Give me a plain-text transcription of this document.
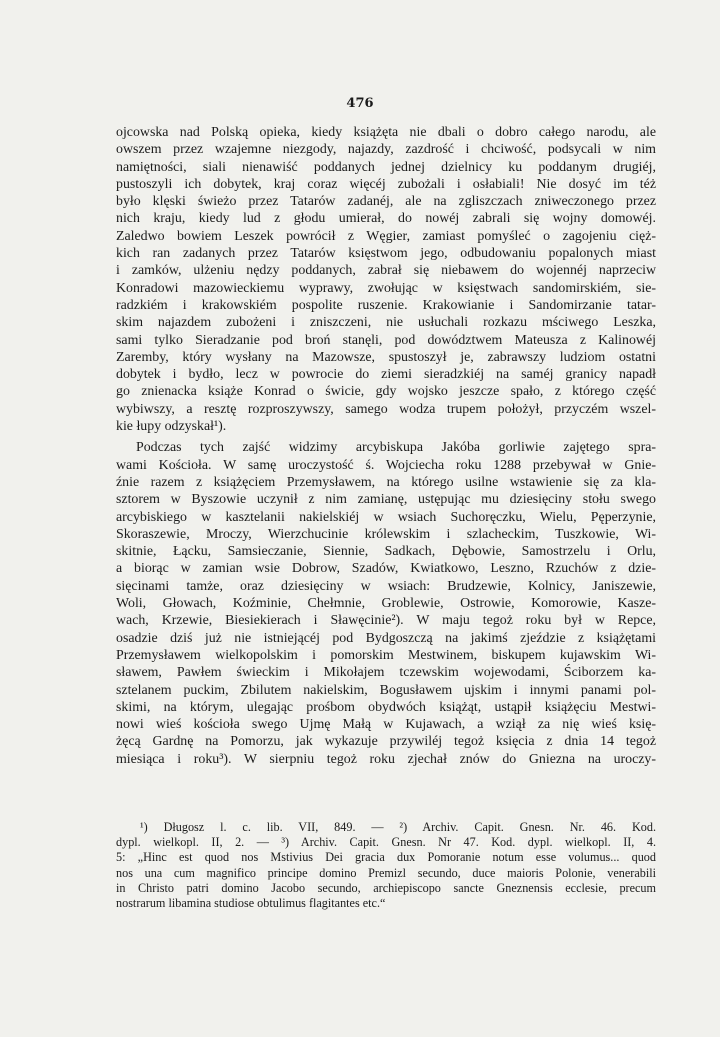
476
ojcowska nad Polską opieka, kiedy książęta nie dbali o dobro całego narodu, ale
owszem przez wzajemne niezgody, najazdy, zazdrość i chciwość, podsycali w nim
namiętności, siali nienawiść poddanych jednej dzielnicy ku poddanym drugiéj,
pustoszyli ich dobytek, kraj coraz więcéj zubożali i osłabiali! Nie dosyć im téż
było klęski świeżo przez Tatarów zadanéj, ale na zgliszczach zniweczonego przez
nich kraju, kiedy lud z głodu umierał, do nowéj zabrali się wojny domowéj.
Zaledwo bowiem Leszek powrócił z Węgier, zamiast pomyśleć o zagojeniu cięż-
kich ran zadanych przez Tatarów księstwom jego, odbudowaniu popalonych miast
i zamków, ulżeniu nędzy poddanych, zabrał się niebawem do wojennéj naprzeciw
Konradowi mazowieckiemu wyprawy, zwołując w księstwach sandomirskiém, sie-
radzkiém i krakowskiém pospolite ruszenie. Krakowianie i Sandomirzanie tatar-
skim najazdem zubożeni i zniszczeni, nie usłuchali rozkazu mściwego Leszka,
sami tylko Sieradzanie pod broń stanęli, pod dowództwem Mateusza z Kalinowéj
Zaremby, który wysłany na Mazowsze, spustoszył je, zabrawszy ludziom ostatni
dobytek i bydło, lecz w powrocie do ziemi sieradzkiéj na saméj granicy napadł
go znienacka książe Konrad o świcie, gdy wojsko jeszcze spało, z którego część
wybiwszy, a resztę rozproszywszy, samego wodza trupem położył, przyczém wszel-
kie łupy odzyskał¹).
Podczas tych zajść widzimy arcybiskupa Jakóba gorliwie zajętego spra-
wami Kościoła. W samę uroczystość ś. Wojciecha roku 1288 przebywał w Gnie-
źnie razem z książęciem Przemysławem, na którego usilne wstawienie się za kla-
sztorem w Byszowie uczynił z nim zamianę, ustępując mu dziesięciny stołu swego
arcybiskiego w kasztelanii nakielskiéj w wsiach Suchoręczku, Wielu, Pęperzynie,
Skoraszewie, Mroczy, Wierzchucinie królewskim i szlacheckim, Tuszkowie, Wi-
skitnie, Łącku, Samsieczanie, Siennie, Sadkach, Dębowie, Samostrzelu i Orlu,
a biorąc w zamian wsie Dobrow, Szadów, Kwiatkowo, Leszno, Rzuchów z dzie-
sięcinami tamże, oraz dziesięciny w wsiach: Brudzewie, Kolnicy, Janiszewie,
Woli, Głowach, Koźminie, Chełmnie, Groblewie, Ostrowie, Komorowie, Kasze-
wach, Krzewie, Biesiekierach i Sławęcinie²). W maju tegoż roku był w Repce,
osadzie dziś już nie istniejącéj pod Bydgoszczą na jakimś zjeździe z książętami
Przemysławem wielkopolskim i pomorskim Mestwinem, biskupem kujawskim Wi-
sławem, Pawłem świeckim i Mikołajem tczewskim wojewodami, Ściborzem ka-
sztelanem puckim, Zbilutem nakielskim, Bogusławem ujskim i innymi panami pol-
skimi, na którym, ulegając prośbom obydwóch książąt, ustąpił książęciu Mestwi-
nowi wieś kościoła swego Ujmę Małą w Kujawach, a wziął za nię wieś księ-
żęcą Gardnę na Pomorzu, jak wykazuje przywiléj tegoż księcia z dnia 14 tegoż
miesiąca i roku³). W sierpniu tegoż roku zjechał znów do Gniezna na uroczy-
¹) Długosz l. c. lib. VII, 849. — ²) Archiv. Capit. Gnesn. Nr. 46. Kod.
dypl. wielkopl. II, 2. — ³) Archiv. Capit. Gnesn. Nr 47. Kod. dypl. wielkopl. II, 4.
5: „Hinc est quod nos Mstivius Dei gracia dux Pomoranie notum esse volumus... quod
nos una cum magnifico principe domino Premizl secundo, duce maioris Polonie, venerabili
in Christo patri domino Jacobo secundo, archiepiscopo sancte Gneznensis ecclesie, precum
nostrarum libamina studiose obtulimus flagitantes etc.“
